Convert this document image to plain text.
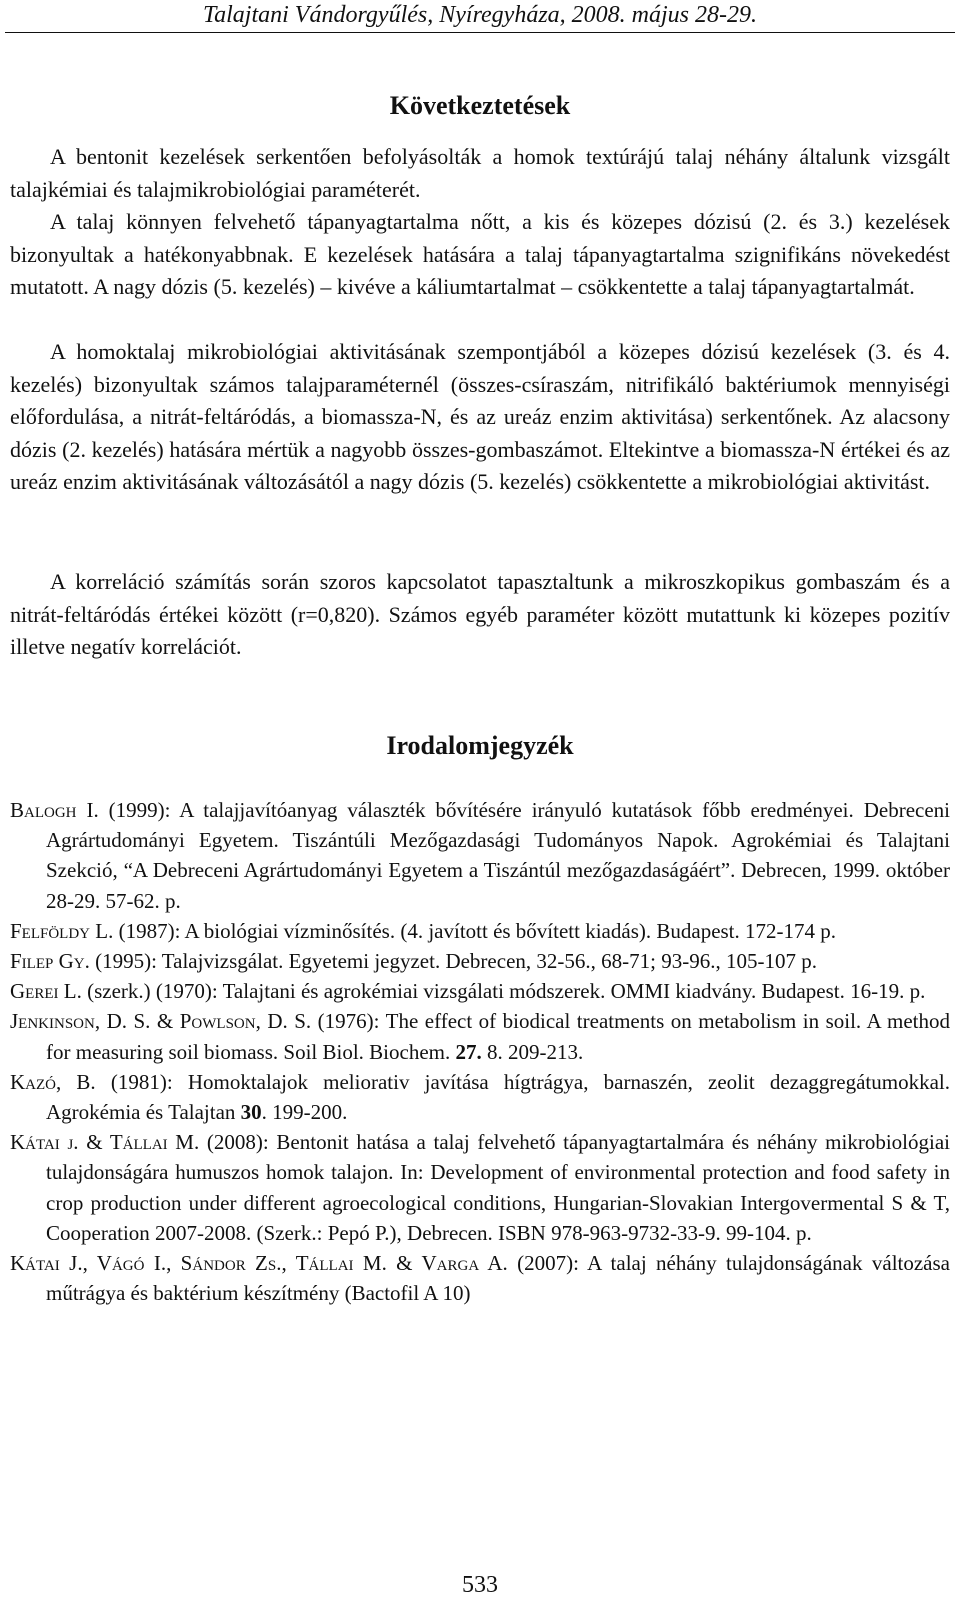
Talajtani Vándorgyűlés, Nyíregyháza, 2008. május 28-29.
Következtetések
A bentonit kezelések serkentően befolyásolták a homok textúrájú talaj néhány általunk vizsgált talajkémiai és talajmikrobiológiai paraméterét.
A talaj könnyen felvehető tápanyagtartalma nőtt, a kis és közepes dózisú (2. és 3.) kezelések bizonyultak a hatékonyabbnak. E kezelések hatására a talaj tápanyagtartalma szignifikáns növekedést mutatott. A nagy dózis (5. kezelés) – kivéve a káliumtartalmat – csökkentette a talaj tápanyagtartalmát.
A homoktalaj mikrobiológiai aktivitásának szempontjából a közepes dózisú kezelések (3. és 4. kezelés) bizonyultak számos talajparaméternél (összes-csíraszám, nitrifikáló baktériumok mennyiségi előfordulása, a nitrát-feltáródás, a biomassza-N, és az ureáz enzim aktivitása) serkentőnek. Az alacsony dózis (2. kezelés) hatására mértük a nagyobb összes-gombaszámot. Eltekintve a biomassza-N értékei és az ureáz enzim aktivitásának változásától a nagy dózis (5. kezelés) csökkentette a mikrobiológiai aktivitást.
A korreláció számítás során szoros kapcsolatot tapasztaltunk a mikroszkopikus gombaszám és a nitrát-feltáródás értékei között (r=0,820). Számos egyéb paraméter között mutattunk ki közepes pozitív illetve negatív korrelációt.
Irodalomjegyzék
Balogh I. (1999): A talajjavítóanyag választék bővítésére irányuló kutatások főbb eredményei. Debreceni Agrártudományi Egyetem. Tiszántúli Mezőgazdasági Tudományos Napok. Agrokémiai és Talajtani Szekció, “A Debreceni Agrártudományi Egyetem a Tiszántúl mezőgazdaságáért”. Debrecen, 1999. október 28-29. 57-62. p.
Felföldy L. (1987): A biológiai vízminősítés. (4. javított és bővített kiadás). Budapest. 172-174 p.
Filep Gy. (1995): Talajvizsgálat. Egyetemi jegyzet. Debrecen, 32-56., 68-71; 93-96., 105-107 p.
Gerei L. (szerk.) (1970): Talajtani és agrokémiai vizsgálati módszerek. OMMI kiadvány. Budapest. 16-19. p.
Jenkinson, D. S. & Powlson, D. S. (1976): The effect of biodical treatments on metabolism in soil. A method for measuring soil biomass. Soil Biol. Biochem. 27. 8. 209-213.
Kazó, B. (1981): Homoktalajok meliorativ javítása hígtrágya, barnaszén, zeolit dezaggregátumokkal. Agrokémia és Talajtan 30. 199-200.
Kátai j. & Tállai M. (2008): Bentonit hatása a talaj felvehető tápanyagtartalmára és néhány mikrobiológiai tulajdonságára humuszos homok talajon. In: Development of environmental protection and food safety in crop production under different agroecological conditions, Hungarian-Slovakian Intergovermental S & T, Cooperation 2007-2008. (Szerk.: Pepó P.), Debrecen. ISBN 978-963-9732-33-9. 99-104. p.
Kátai J., Vágó I., Sándor Zs., Tállai M. & Varga A. (2007): A talaj néhány tulajdonságának változása műtrágya és baktérium készítmény (Bactofil A 10)
533
